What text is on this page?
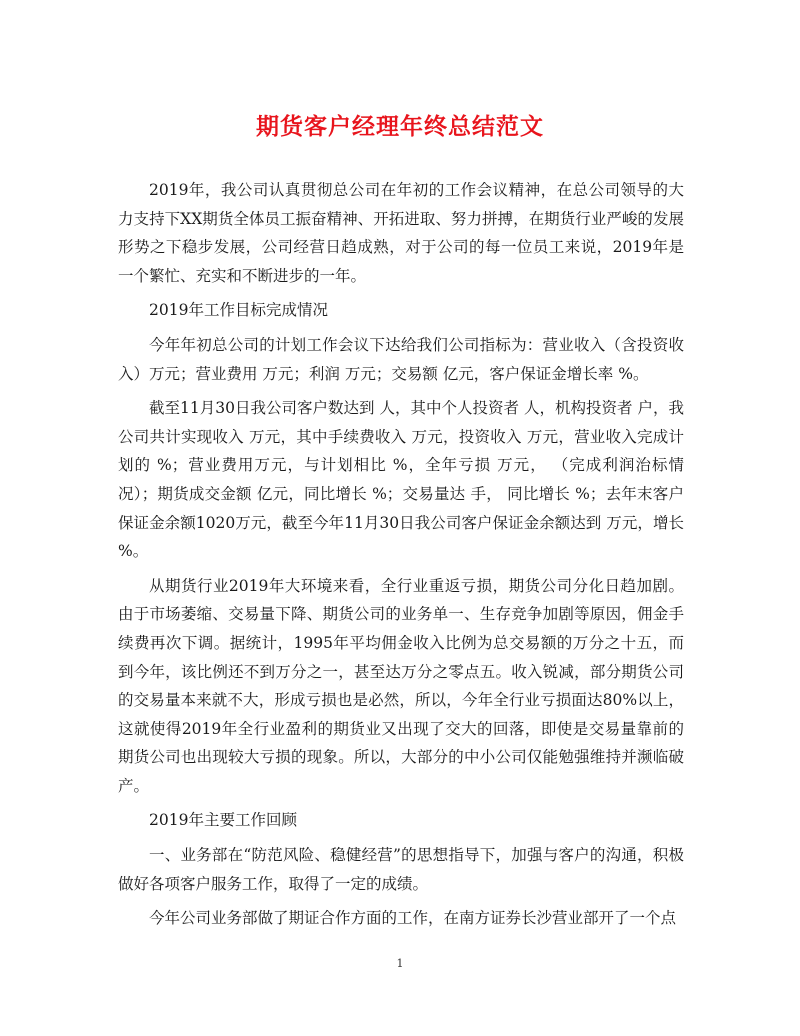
期货客户经理年终总结范文

2019年，我公司认真贯彻总公司在年初的工作会议精神，在总公司领导的大力支持下XX期货全体员工振奋精神、开拓进取、努力拼搏，在期货行业严峻的发展形势之下稳步发展，公司经营日趋成熟，对于公司的每一位员工来说，2019年是一个繁忙、充实和不断进步的一年。

2019年工作目标完成情况

今年年初总公司的计划工作会议下达给我们公司指标为：营业收入（含投资收入）万元；营业费用 万元；利润 万元；交易额 亿元，客户保证金增长率 %。

截至11月30日我公司客户数达到 人，其中个人投资者 人，机构投资者 户，我公司共计实现收入 万元，其中手续费收入 万元，投资收入 万元，营业收入完成计划的 %；营业费用万元，与计划相比 %，全年亏损 万元， （完成利润治标情况）；期货成交金额 亿元，同比增长 %；交易量达 手， 同比增长 %；去年末客户保证金余额1020万元，截至今年11月30日我公司客户保证金余额达到 万元，增长 %。

从期货行业2019年大环境来看，全行业重返亏损，期货公司分化日趋加剧。由于市场萎缩、交易量下降、期货公司的业务单一、生存竞争加剧等原因，佣金手续费再次下调。据统计，1995年平均佣金收入比例为总交易额的万分之十五，而到今年，该比例还不到万分之一，甚至达万分之零点五。收入锐减，部分期货公司的交易量本来就不大，形成亏损也是必然，所以，今年全行业亏损面达80%以上，这就使得2019年全行业盈利的期货业又出现了交大的回落，即使是交易量靠前的期货公司也出现较大亏损的现象。所以，大部分的中小公司仅能勉强维持并濒临破产。

2019年主要工作回顾

一、业务部在“防范风险、稳健经营”的思想指导下，加强与客户的沟通，积极做好各项客户服务工作，取得了一定的成绩。

今年公司业务部做了期证合作方面的工作，在南方证券长沙营业部开了一个点

1
